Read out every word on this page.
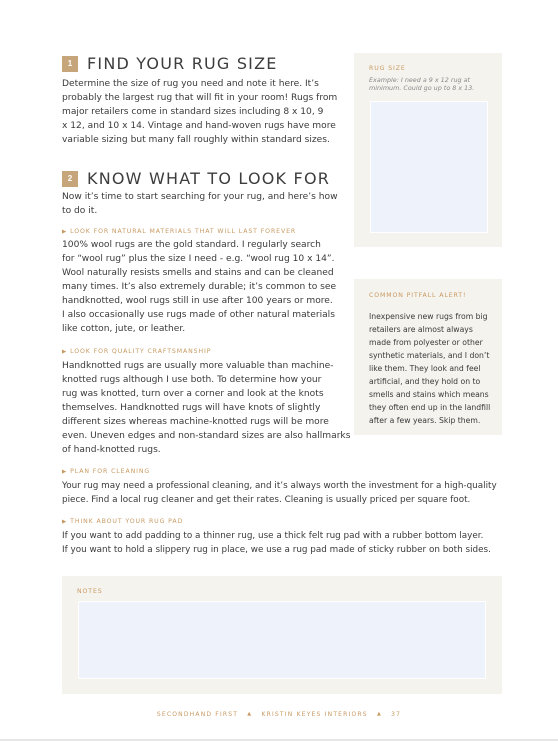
1 FIND YOUR RUG SIZE
Determine the size of rug you need and note it here. It’s
probably the largest rug that will fit in your room! Rugs from
major retailers come in standard sizes including 8 x 10, 9
x 12, and 10 x 14. Vintage and hand-woven rugs have more
variable sizing but many fall roughly within standard sizes.
2 KNOW WHAT TO LOOK FOR
Now it’s time to start searching for your rug, and here’s how
to do it.
▶ LOOK FOR NATURAL MATERIALS THAT WILL LAST FOREVER
100% wool rugs are the gold standard. I regularly search
for “wool rug” plus the size I need - e.g. “wool rug 10 x 14”.
Wool naturally resists smells and stains and can be cleaned
many times. It’s also extremely durable; it’s common to see
handknotted, wool rugs still in use after 100 years or more.
I also occasionally use rugs made of other natural materials
like cotton, jute, or leather.
▶ LOOK FOR QUALITY CRAFTSMANSHIP
Handknotted rugs are usually more valuable than machine-
knotted rugs although I use both. To determine how your
rug was knotted, turn over a corner and look at the knots
themselves. Handknotted rugs will have knots of slightly
different sizes whereas machine-knotted rugs will be more
even. Uneven edges and non-standard sizes are also hallmarks
of hand-knotted rugs.
▶ PLAN FOR CLEANING
Your rug may need a professional cleaning, and it’s always worth the investment for a high-quality
piece. Find a local rug cleaner and get their rates. Cleaning is usually priced per square foot.
▶ THINK ABOUT YOUR RUG PAD
If you want to add padding to a thinner rug, use a thick felt rug pad with a rubber bottom layer.
If you want to hold a slippery rug in place, we use a rug pad made of sticky rubber on both sides.
RUG SIZE
Example: I need a 9 x 12 rug at minimum. Could go up to 8 x 13.
COMMON PITFALL ALERT!
Inexpensive new rugs from big
retailers are almost always
made from polyester or other
synthetic materials, and I don’t
like them. They look and feel
artificial, and they hold on to
smells and stains which means
they often end up in the landfill
after a few years. Skip them.
NOTES
SECONDHAND FIRST ▲ KRISTIN KEYES INTERIORS ▲ 37
